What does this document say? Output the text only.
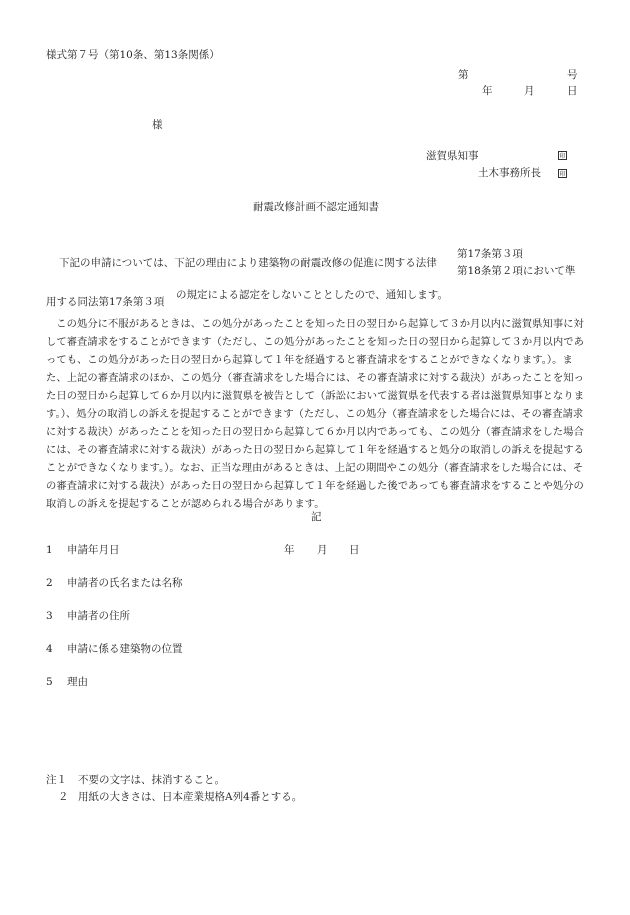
様式第７号（第10条、第13条関係）
第	号
年	月	日
様
滋賀県知事	印
土木事務所長	印
耐震改修計画不認定通知書
下記の申請については、下記の理由により建築物の耐震改修の促進に関する法律
第17条第３項
第18条第２項において準
用する同法第17条第３項
の規定による認定をしないこととしたので、通知します。

この処分に不服があるときは、この処分があったことを知った日の翌日から起算して３か月以内に滋賀県知事に対して審査請求をすることができます（ただし、この処分があったことを知った日の翌日から起算して３か月以内であっても、この処分があった日の翌日から起算して１年を経過すると審査請求をすることができなくなります。）。また、上記の審査請求のほか、この処分（審査請求をした場合には、その審査請求に対する裁決）があったことを知った日の翌日から起算して６か月以内に滋賀県を被告として（訴訟において滋賀県を代表する者は滋賀県知事となります。）、処分の取消しの訴えを提起することができます（ただし、この処分（審査請求をした場合には、その審査請求に対する裁決）があったことを知った日の翌日から起算して６か月以内であっても、この処分（審査請求をした場合には、その審査請求に対する裁決）があった日の翌日から起算して１年を経過すると処分の取消しの訴えを提起することができなくなります。）。なお、正当な理由があるときは、上記の期間やこの処分（審査請求をした場合には、その審査請求に対する裁決）があった日の翌日から起算して１年を経過した後であっても審査請求をすることや処分の取消しの訴えを提起することが認められる場合があります。

記
1 申請年月日	年 月 日
2 申請者の氏名または名称
3 申請者の住所
4 申請に係る建築物の位置
5 理由
注１ 不要の文字は、抹消すること。
２ 用紙の大きさは、日本産業規格A列4番とする。
